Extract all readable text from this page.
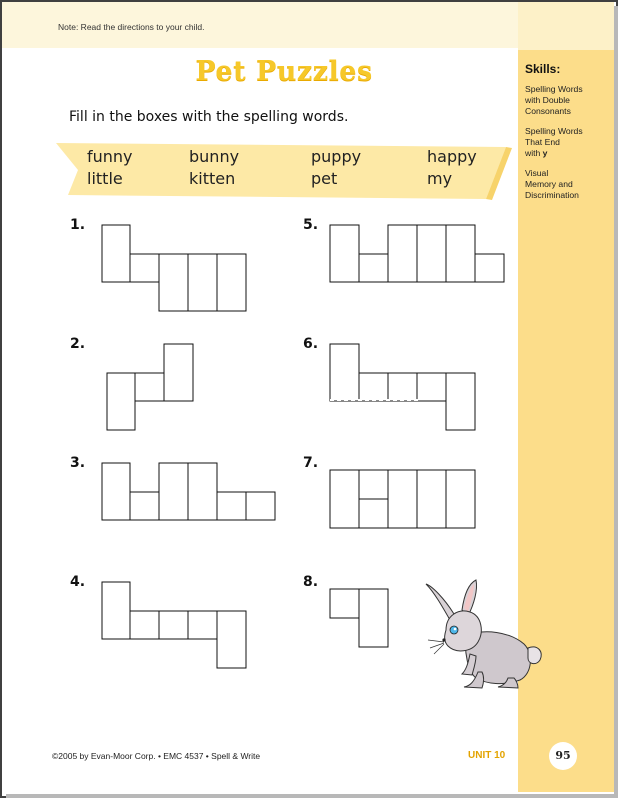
Note: Read the directions to your child.
Skills:
Spelling Words
with Double
Consonants
Spelling Words
That End
with y
Visual
Memory and
Discrimination
Pet Puzzles
Fill in the boxes with the spelling words.
funny	bunny	puppy	happy
little	kitten	pet	my
1.
2.
3.
4.
5.
6.
7.
8.
©2005 by Evan-Moor Corp. • EMC 4537 • Spell & Write	UNIT 10	95
